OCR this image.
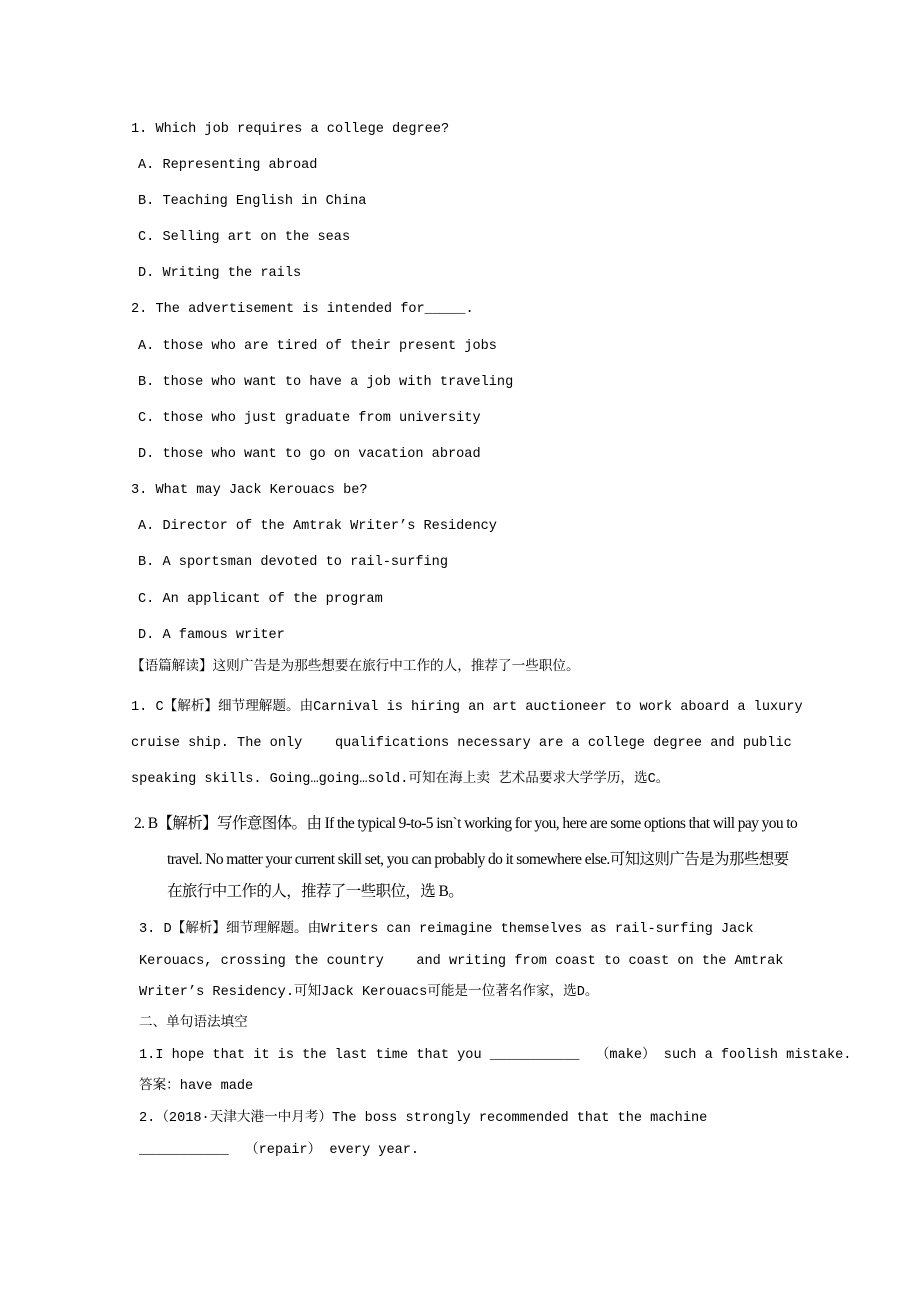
1. Which job requires a college degree?
A. Representing abroad
B. Teaching English in China
C. Selling art on the seas
D. Writing the rails
2. The advertisement is intended for_____.
A. those who are tired of their present jobs
B. those who want to have a job with traveling
C. those who just graduate from university
D. those who want to go on vacation abroad
3. What may Jack Kerouacs be?
A. Director of the Amtrak Writer’s Residency
B. A sportsman devoted to rail-surfing
C. An applicant of the program
D. A famous writer
【语篇解读】这则广告是为那些想要在旅行中工作的人，推荐了一些职位。
1. C【解析】细节理解题。由Carnival is hiring an art auctioneer to work aboard a luxury
cruise ship. The only    qualifications necessary are a college degree and public
speaking skills. Going…going…sold.可知在海上卖 艺术品要求大学学历，选C。
2. B【解析】写作意图体。由 If the typical 9-to-5 isn`t working for you, here are some options that will pay you to
travel. No matter your current skill set, you can probably do it somewhere else.可知这则广告是为那些想要
在旅行中工作的人，推荐了一些职位，选 B。
3. D【解析】细节理解题。由Writers can reimagine themselves as rail-surfing Jack
Kerouacs, crossing the country    and writing from coast to coast on the Amtrak
Writer’s Residency.可知Jack Kerouacs可能是一位著名作家，选D。
二、单句语法填空
1.I hope that it is the last time that you ___________  （make） such a foolish mistake.
答案：have made
2.（2018·天津大港一中月考）The boss strongly recommended that the machine
___________  （repair） every year.
